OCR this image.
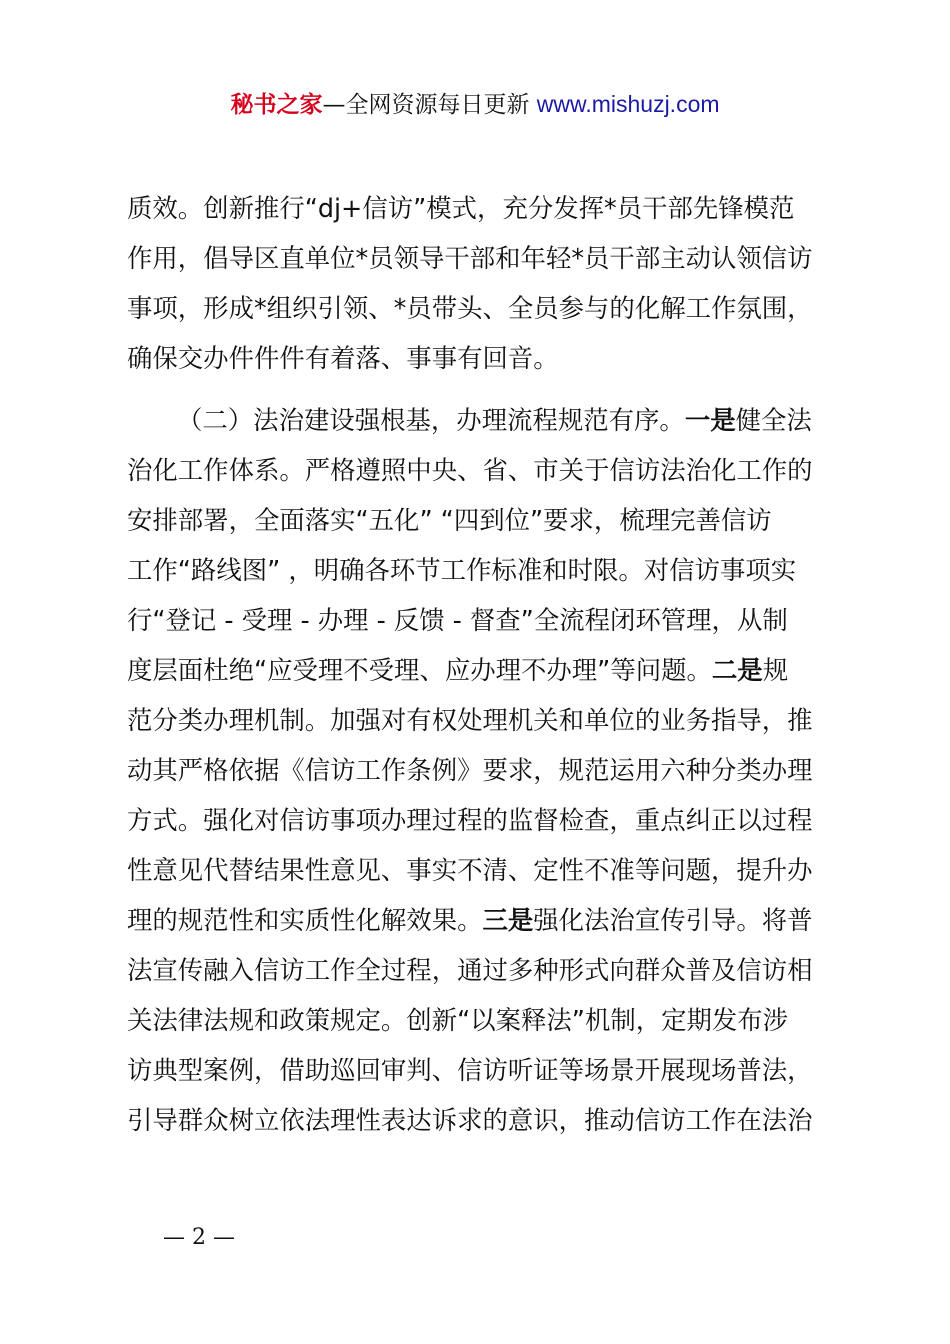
秘书之家—全网资源每日更新 www.mishuzj.com
质效。创新推行“dj+信访”模式，充分发挥*员干部先锋模范
作用，倡导区直单位*员领导干部和年轻*员干部主动认领信访
事项，形成*组织引领、*员带头、全员参与的化解工作氛围，
确保交办件件件有着落、事事有回音。
（二）法治建设强根基，办理流程规范有序。一是健全法
治化工作体系。严格遵照中央、省、市关于信访法治化工作的
安排部署，全面落实“五化” “四到位”要求，梳理完善信访
工作“路线图” ，明确各环节工作标准和时限。对信访事项实
行“登记 - 受理 - 办理 - 反馈 - 督查”全流程闭环管理，从制
度层面杜绝“应受理不受理、应办理不办理”等问题。二是规
范分类办理机制。加强对有权处理机关和单位的业务指导，推
动其严格依据《信访工作条例》要求，规范运用六种分类办理
方式。强化对信访事项办理过程的监督检查，重点纠正以过程
性意见代替结果性意见、事实不清、定性不准等问题，提升办
理的规范性和实质性化解效果。三是强化法治宣传引导。将普
法宣传融入信访工作全过程，通过多种形式向群众普及信访相
关法律法规和政策规定。创新“以案释法”机制，定期发布涉
访典型案例，借助巡回审判、信访听证等场景开展现场普法，
引导群众树立依法理性表达诉求的意识，推动信访工作在法治
— 2 —
